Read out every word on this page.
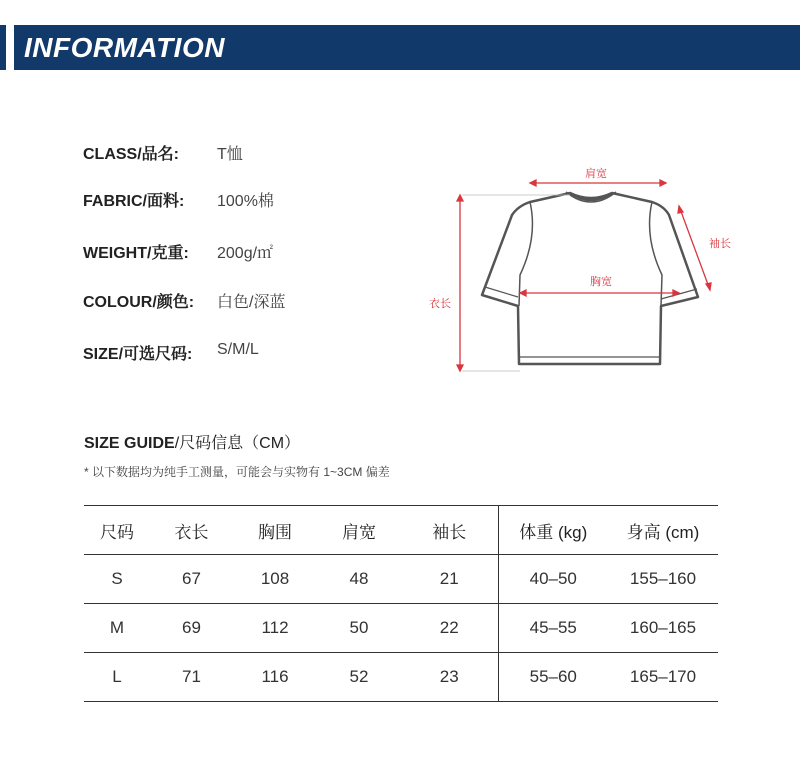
INFORMATION
CLASS/品名: T恤
FABRIC/面料: 100%棉
WEIGHT/克重: 200g/㎡
COLOUR/颜色: 白色/深蓝
SIZE/可选尺码: S/M/L
肩宽
胸宽
袖长
衣长
SIZE GUIDE/尺码信息（CM）
* 以下数据均为纯手工测量，可能会与实物有 1~3CM 偏差
尺码	衣长	胸围	肩宽	袖长	体重 (kg)	身高 (cm)
S	67	108	48	21	40–50	155–160
M	69	112	50	22	45–55	160–165
L	71	116	52	23	55–60	165–170
